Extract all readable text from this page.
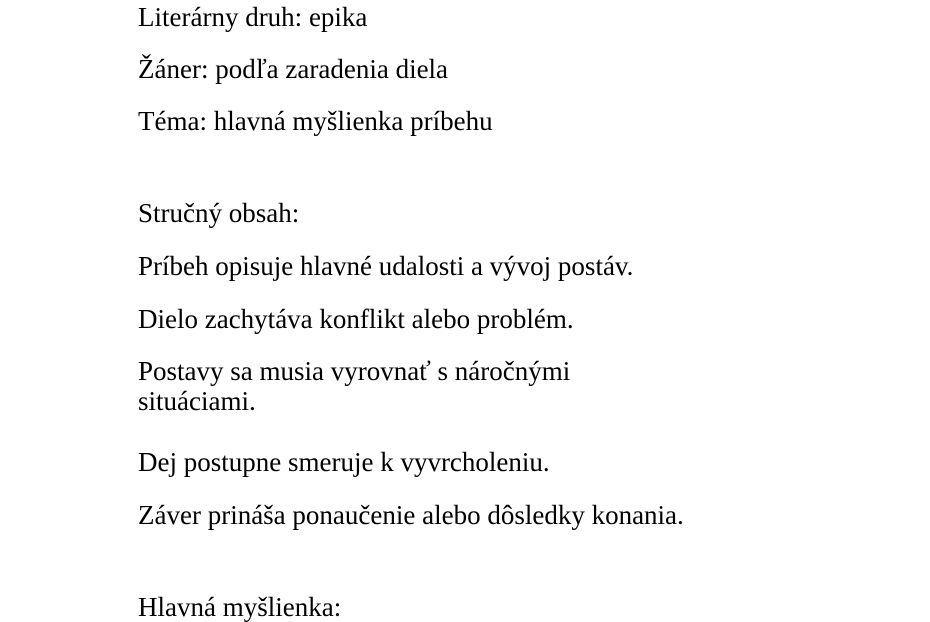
Literárny druh: epika

Žáner: podľa zaradenia diela

Téma: hlavná myšlienka príbehu

Stručný obsah:

Príbeh opisuje hlavné udalosti a vývoj postáv.

Dielo zachytáva konflikt alebo problém.

Postavy sa musia vyrovnať s náročnými situáciami.

Dej postupne smeruje k vyvrcholeniu.

Záver prináša ponaučenie alebo dôsledky konania.

Hlavná myšlienka:
